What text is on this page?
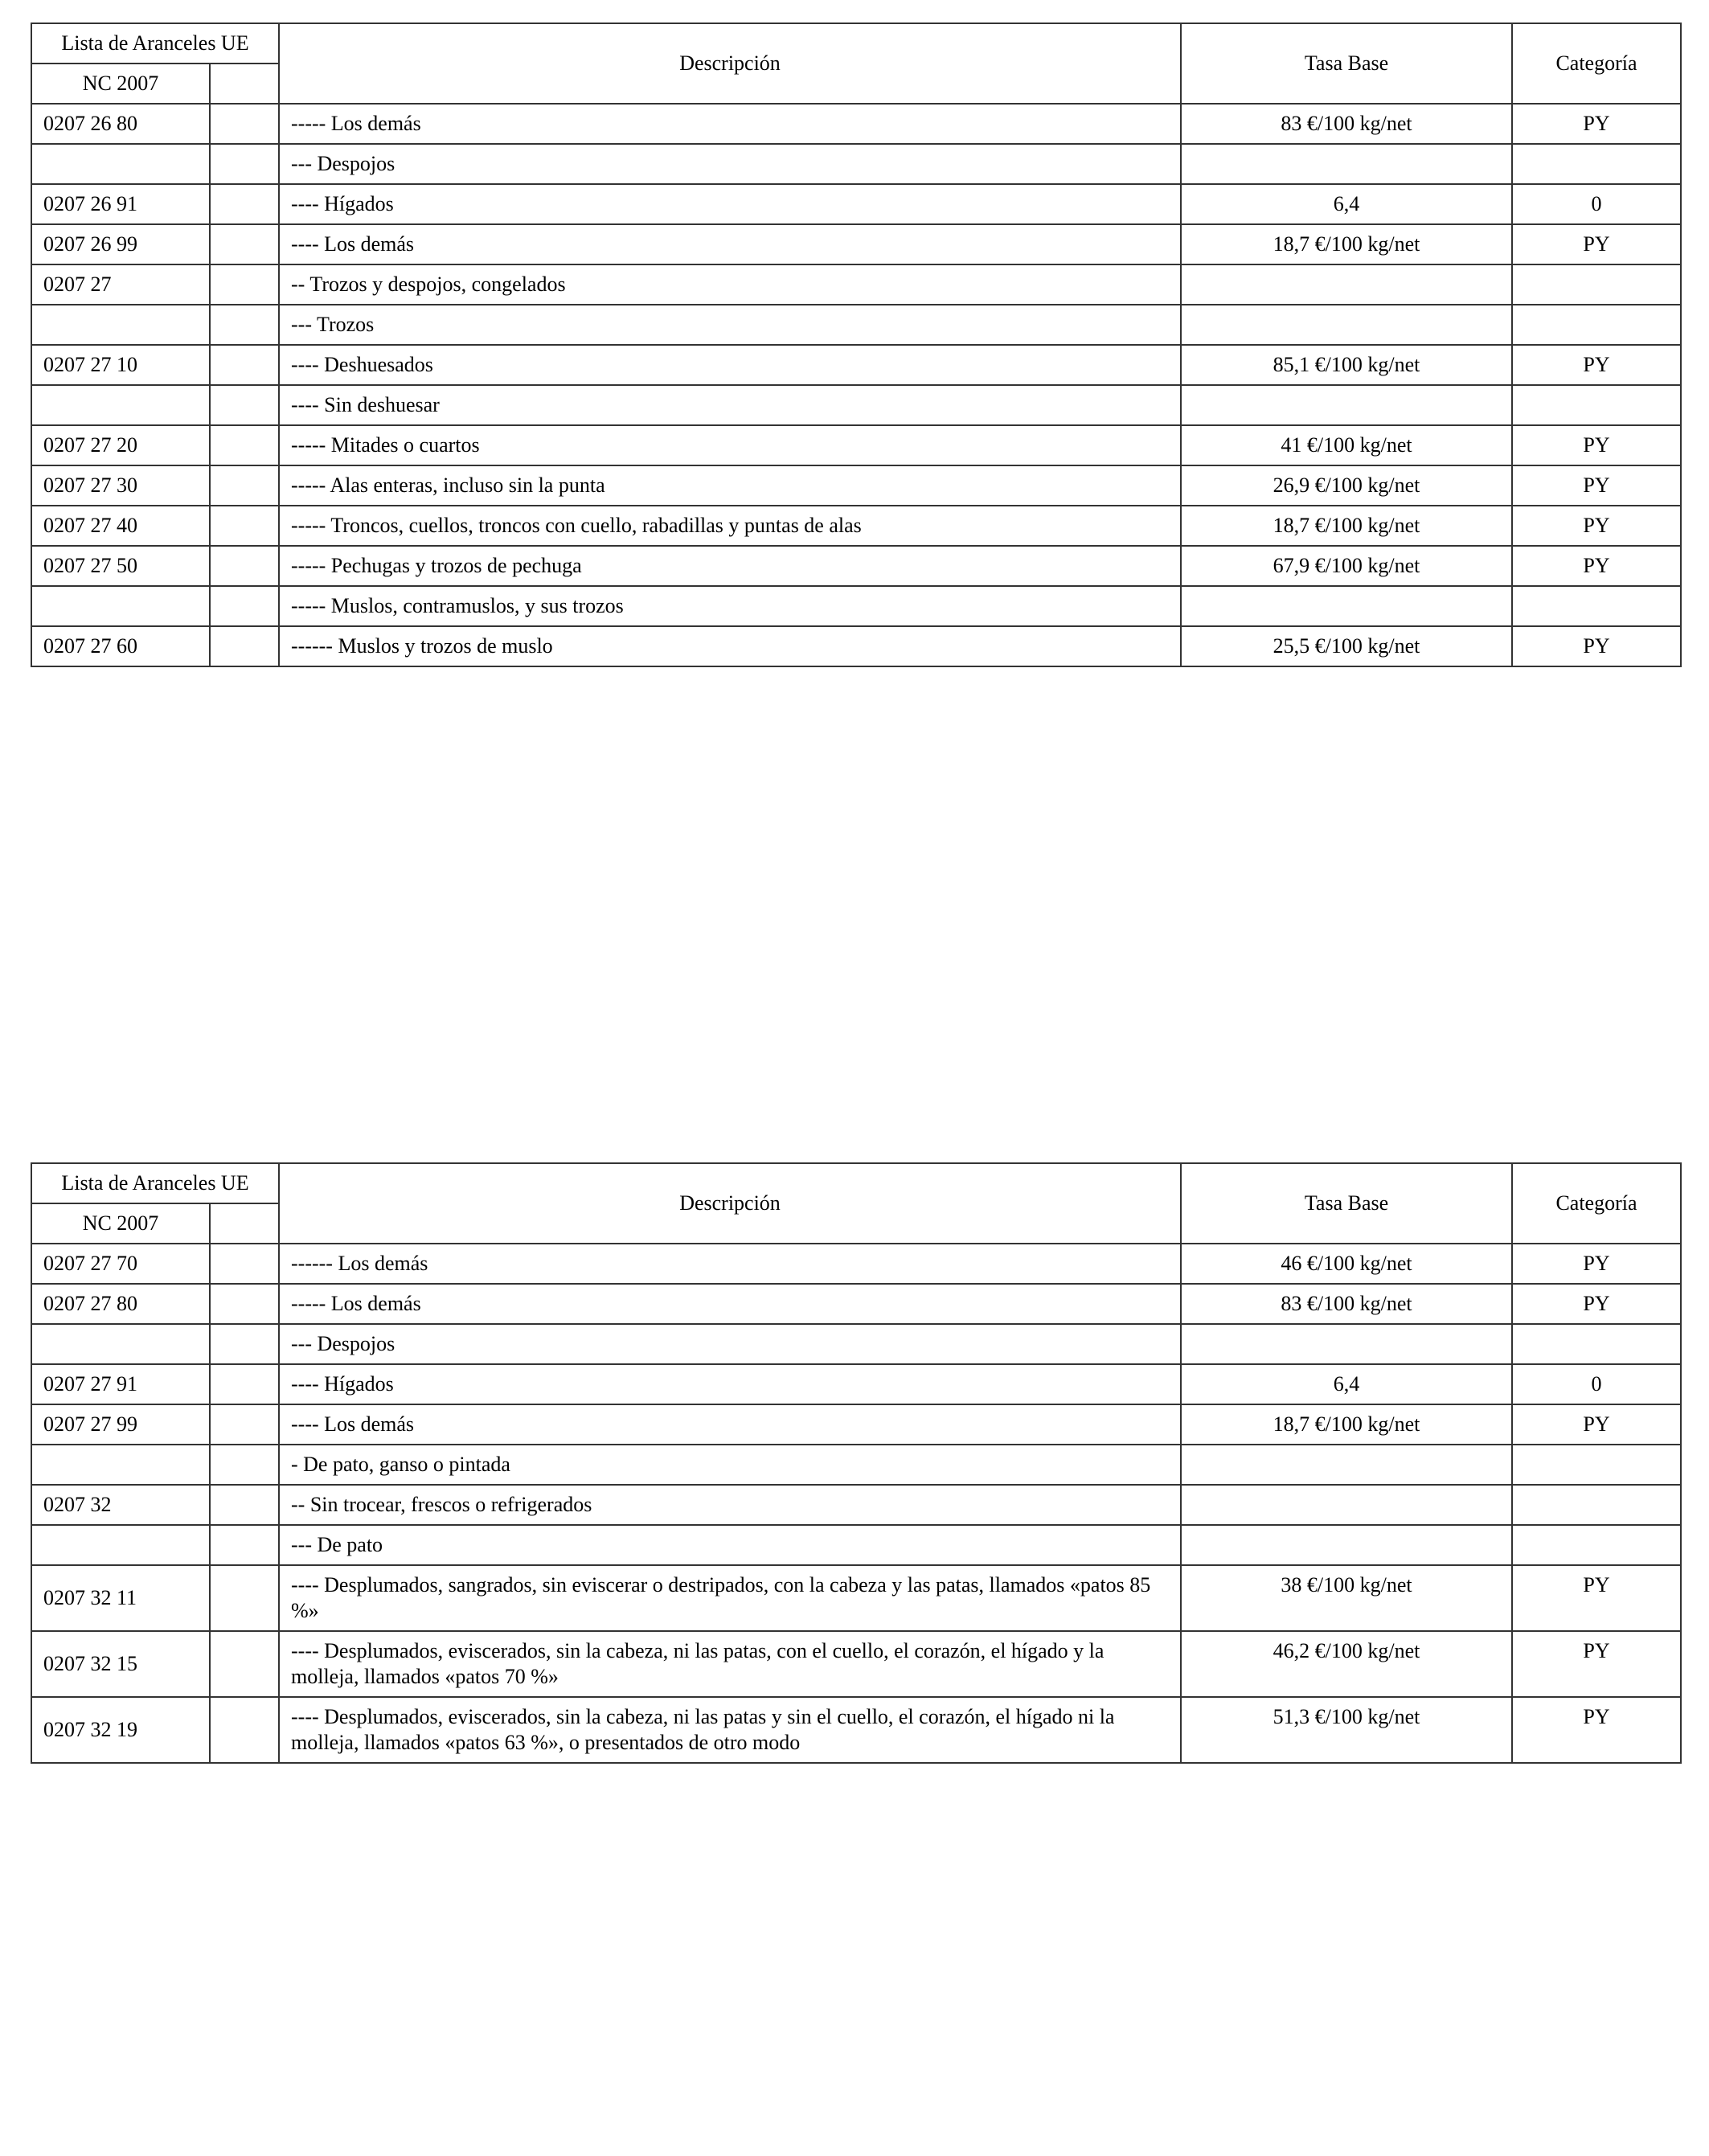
Lista de Aranceles UE		Descripción	Tasa Base	Categoría
NC 2007				
0207 26 80		----- Los demás	83 €/100 kg/net	PY
		--- Despojos		
0207 26 91		---- Hígados	6,4	0
0207 26 99		---- Los demás	18,7 €/100 kg/net	PY
0207 27		-- Trozos y despojos, congelados		
		--- Trozos		
0207 27 10		---- Deshuesados	85,1 €/100 kg/net	PY
		---- Sin deshuesar		
0207 27 20		----- Mitades o cuartos	41 €/100 kg/net	PY
0207 27 30		----- Alas enteras, incluso sin la punta	26,9 €/100 kg/net	PY
0207 27 40		----- Troncos, cuellos, troncos con cuello, rabadillas y puntas de alas	18,7 €/100 kg/net	PY
0207 27 50		----- Pechugas y trozos de pechuga	67,9 €/100 kg/net	PY
		----- Muslos, contramuslos, y sus trozos		
0207 27 60		------ Muslos y trozos de muslo	25,5 €/100 kg/net	PY
Lista de Aranceles UE		Descripción	Tasa Base	Categoría
NC 2007				
0207 27 70		------ Los demás	46 €/100 kg/net	PY
0207 27 80		----- Los demás	83 €/100 kg/net	PY
		--- Despojos		
0207 27 91		---- Hígados	6,4	0
0207 27 99		---- Los demás	18,7 €/100 kg/net	PY
		- De pato, ganso o pintada		
0207 32		-- Sin trocear, frescos o refrigerados		
		--- De pato		
0207 32 11		---- Desplumados, sangrados, sin eviscerar o destripados, con la cabeza y las patas, llamados «patos 85 %»	38 €/100 kg/net	PY
0207 32 15		---- Desplumados, eviscerados, sin la cabeza, ni las patas, con el cuello, el corazón, el hígado y la molleja, llamados «patos 70 %»	46,2 €/100 kg/net	PY
0207 32 19		---- Desplumados, eviscerados, sin la cabeza, ni las patas y sin el cuello, el corazón, el hígado ni la molleja, llamados «patos 63 %», o presentados de otro modo	51,3 €/100 kg/net	PY
